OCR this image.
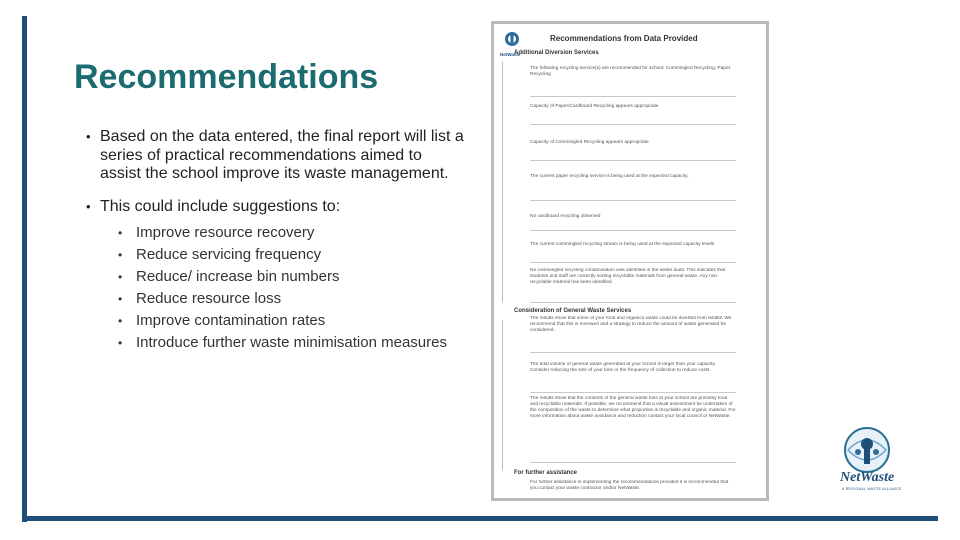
Recommendations
• Based on the data entered, the final report will list a series of practical recommendations aimed to assist the school improve its waste management.
• This could include suggestions to:
• Improve resource recovery
• Reduce servicing frequency
• Reduce/ increase bin numbers
• Reduce resource loss
• Improve contamination rates
• Introduce further waste minimisation measures
NetWaste
Recommendations from Data Provided
Additional Diversion Services
The following recycling service(s) are recommended for school: Commingled Recycling, Paper Recycling
Capacity of Paper/Cardboard Recycling appears appropriate
Capacity of Commingled Recycling appears appropriate
The current paper recycling service is being used at the expected capacity.
No cardboard recycling observed
The current commingled recycling stream is being used at the expected capacity levels
No commingled recycling contamination was identified in the waste audit. This indicates that students and staff are correctly sorting recyclable materials from general waste. Any non-recyclable material has been identified.
Consideration of General Waste Services
The results show that some of your food and organics waste could be diverted from landfill. We recommend that this is reviewed and a strategy to reduce the amount of waste generated be considered.
The total volume of general waste generated at your school is larger than your capacity. Consider reducing the size of your bins or the frequency of collection to reduce costs.
The results show that the contents of the general waste bins at your school are primarily food and recyclable materials. If possible, we recommend that a visual assessment be undertaken of the composition of the waste to determine what proportion is recyclable and organic material. For more information about waste avoidance and reduction contact your local council or NetWaste.
For further assistance
For further assistance in implementing the recommendations provided it is recommended that you contact your waste contractor and/or NetWaste.
NetWaste
A REGIONAL WASTE ALLIANCE
